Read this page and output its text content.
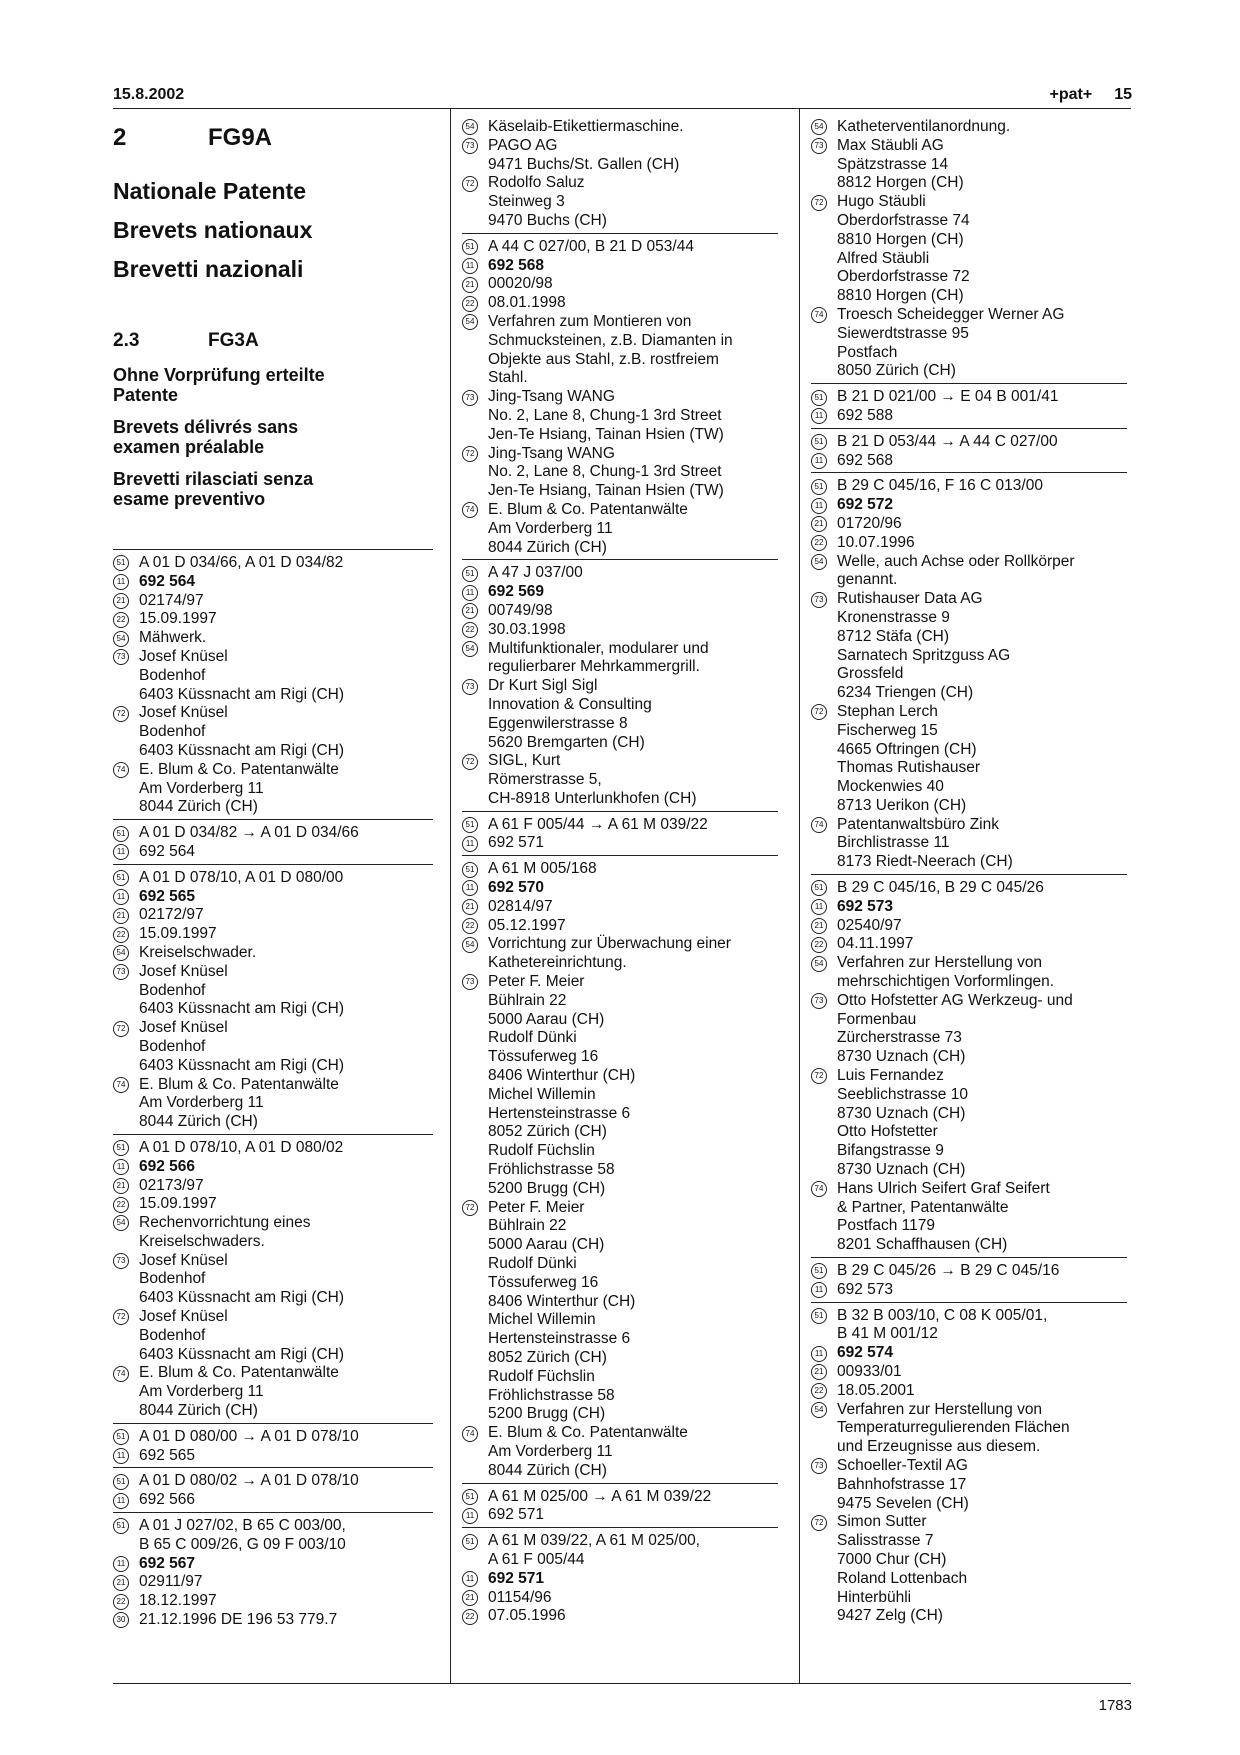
15.8.2002	+pat+ 15
2	FG9A
Nationale Patente
Brevets nationaux
Brevetti nazionali
2.3	FG3A
Ohne Vorprüfung erteilte
Patente
Brevets délivrés sans
examen préalable
Brevetti rilasciati senza
esame preventivo
51 A 01 D 034/66, A 01 D 034/82
11 692 564
21 02174/97
22 15.09.1997
54 Mähwerk.
73 Josef Knüsel
Bodenhof
6403 Küssnacht am Rigi (CH)
72 Josef Knüsel
Bodenhof
6403 Küssnacht am Rigi (CH)
74 E. Blum & Co. Patentanwälte
Am Vorderberg 11
8044 Zürich (CH)
51 A 01 D 034/82 → A 01 D 034/66
11 692 564
51 A 01 D 078/10, A 01 D 080/00
11 692 565
21 02172/97
22 15.09.1997
54 Kreiselschwader.
73 Josef Knüsel
Bodenhof
6403 Küssnacht am Rigi (CH)
72 Josef Knüsel
Bodenhof
6403 Küssnacht am Rigi (CH)
74 E. Blum & Co. Patentanwälte
Am Vorderberg 11
8044 Zürich (CH)
51 A 01 D 078/10, A 01 D 080/02
11 692 566
21 02173/97
22 15.09.1997
54 Rechenvorrichtung eines
Kreiselschwaders.
73 Josef Knüsel
Bodenhof
6403 Küssnacht am Rigi (CH)
72 Josef Knüsel
Bodenhof
6403 Küssnacht am Rigi (CH)
74 E. Blum & Co. Patentanwälte
Am Vorderberg 11
8044 Zürich (CH)
51 A 01 D 080/00 → A 01 D 078/10
11 692 565
51 A 01 D 080/02 → A 01 D 078/10
11 692 566
51 A 01 J 027/02, B 65 C 003/00,
B 65 C 009/26, G 09 F 003/10
11 692 567
21 02911/97
22 18.12.1997
30 21.12.1996 DE 196 53 779.7
54 Käselaib-Etikettiermaschine.
73 PAGO AG
9471 Buchs/St. Gallen (CH)
72 Rodolfo Saluz
Steinweg 3
9470 Buchs (CH)
51 A 44 C 027/00, B 21 D 053/44
11 692 568
21 00020/98
22 08.01.1998
54 Verfahren zum Montieren von
Schmucksteinen, z.B. Diamanten in
Objekte aus Stahl, z.B. rostfreiem
Stahl.
73 Jing-Tsang WANG
No. 2, Lane 8, Chung-1 3rd Street
Jen-Te Hsiang, Tainan Hsien (TW)
72 Jing-Tsang WANG
No. 2, Lane 8, Chung-1 3rd Street
Jen-Te Hsiang, Tainan Hsien (TW)
74 E. Blum & Co. Patentanwälte
Am Vorderberg 11
8044 Zürich (CH)
51 A 47 J 037/00
11 692 569
21 00749/98
22 30.03.1998
54 Multifunktionaler, modularer und
regulierbarer Mehrkammergrill.
73 Dr Kurt Sigl Sigl
Innovation & Consulting
Eggenwilerstrasse 8
5620 Bremgarten (CH)
72 SIGL, Kurt
Römerstrasse 5,
CH-8918 Unterlunkhofen (CH)
51 A 61 F 005/44 → A 61 M 039/22
11 692 571
51 A 61 M 005/168
11 692 570
21 02814/97
22 05.12.1997
54 Vorrichtung zur Überwachung einer
Kathetereinrichtung.
73 Peter F. Meier
Bühlrain 22
5000 Aarau (CH)
Rudolf Dünki
Tössuferweg 16
8406 Winterthur (CH)
Michel Willemin
Hertensteinstrasse 6
8052 Zürich (CH)
Rudolf Füchslin
Fröhlichstrasse 58
5200 Brugg (CH)
72 Peter F. Meier
Bühlrain 22
5000 Aarau (CH)
Rudolf Dünki
Tössuferweg 16
8406 Winterthur (CH)
Michel Willemin
Hertensteinstrasse 6
8052 Zürich (CH)
Rudolf Füchslin
Fröhlichstrasse 58
5200 Brugg (CH)
74 E. Blum & Co. Patentanwälte
Am Vorderberg 11
8044 Zürich (CH)
51 A 61 M 025/00 → A 61 M 039/22
11 692 571
51 A 61 M 039/22, A 61 M 025/00,
A 61 F 005/44
11 692 571
21 01154/96
22 07.05.1996
54 Katheterventilanordnung.
73 Max Stäubli AG
Spätzstrasse 14
8812 Horgen (CH)
72 Hugo Stäubli
Oberdorfstrasse 74
8810 Horgen (CH)
Alfred Stäubli
Oberdorfstrasse 72
8810 Horgen (CH)
74 Troesch Scheidegger Werner AG
Siewerdtstrasse 95
Postfach
8050 Zürich (CH)
51 B 21 D 021/00 → E 04 B 001/41
11 692 588
51 B 21 D 053/44 → A 44 C 027/00
11 692 568
51 B 29 C 045/16, F 16 C 013/00
11 692 572
21 01720/96
22 10.07.1996
54 Welle, auch Achse oder Rollkörper
genannt.
73 Rutishauser Data AG
Kronenstrasse 9
8712 Stäfa (CH)
Sarnatech Spritzguss AG
Grossfeld
6234 Triengen (CH)
72 Stephan Lerch
Fischerweg 15
4665 Oftringen (CH)
Thomas Rutishauser
Mockenwies 40
8713 Uerikon (CH)
74 Patentanwaltsbüro Zink
Birchlistrasse 11
8173 Riedt-Neerach (CH)
51 B 29 C 045/16, B 29 C 045/26
11 692 573
21 02540/97
22 04.11.1997
54 Verfahren zur Herstellung von
mehrschichtigen Vorformlingen.
73 Otto Hofstetter AG Werkzeug- und
Formenbau
Zürcherstrasse 73
8730 Uznach (CH)
72 Luis Fernandez
Seeblichstrasse 10
8730 Uznach (CH)
Otto Hofstetter
Bifangstrasse 9
8730 Uznach (CH)
74 Hans Ulrich Seifert Graf Seifert
& Partner, Patentanwälte
Postfach 1179
8201 Schaffhausen (CH)
51 B 29 C 045/26 → B 29 C 045/16
11 692 573
51 B 32 B 003/10, C 08 K 005/01,
B 41 M 001/12
11 692 574
21 00933/01
22 18.05.2001
54 Verfahren zur Herstellung von
Temperaturregulierenden Flächen
und Erzeugnisse aus diesem.
73 Schoeller-Textil AG
Bahnhofstrasse 17
9475 Sevelen (CH)
72 Simon Sutter
Salisstrasse 7
7000 Chur (CH)
Roland Lottenbach
Hinterbühli
9427 Zelg (CH)
1783
